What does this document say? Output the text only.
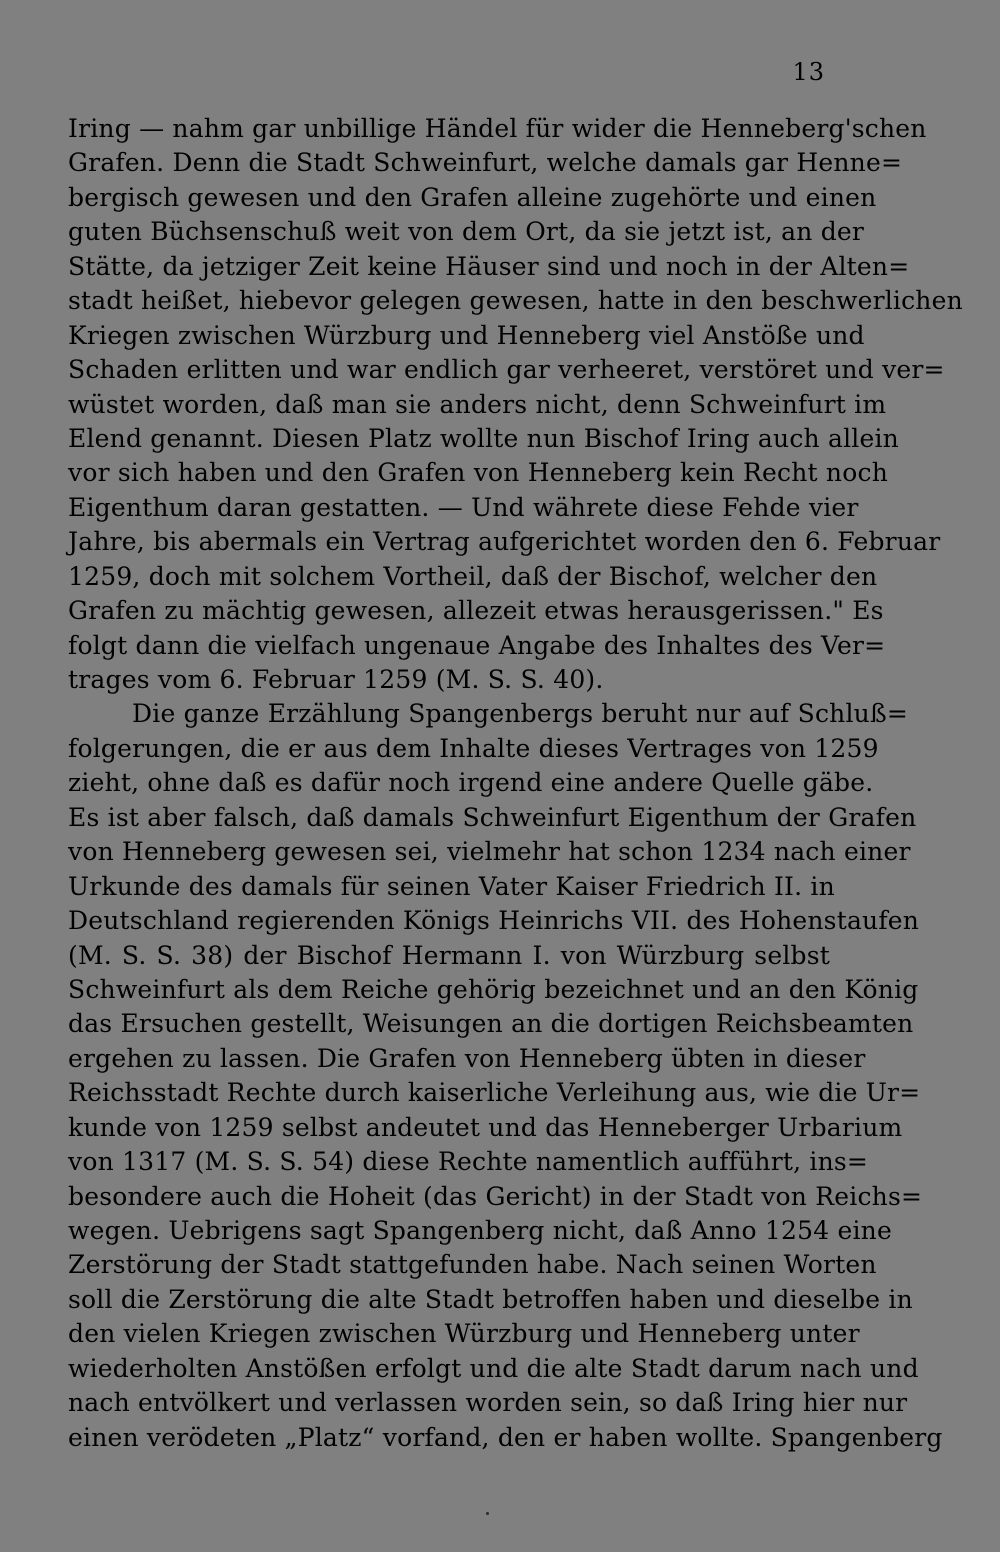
13
Iring — nahm gar unbillige Händel für wider die Henneberg'schen
Grafen. Denn die Stadt Schweinfurt, welche damals gar Henne=
bergisch gewesen und den Grafen alleine zugehörte und einen
guten Büchsenschuß weit von dem Ort, da sie jetzt ist, an der
Stätte, da jetziger Zeit keine Häuser sind und noch in der Alten=
stadt heißet, hiebevor gelegen gewesen, hatte in den beschwerlichen
Kriegen zwischen Würzburg und Henneberg viel Anstöße und
Schaden erlitten und war endlich gar verheeret, verstöret und ver=
wüstet worden, daß man sie anders nicht, denn Schweinfurt im
Elend genannt. Diesen Platz wollte nun Bischof Iring auch allein
vor sich haben und den Grafen von Henneberg kein Recht noch
Eigenthum daran gestatten. — Und währete diese Fehde vier
Jahre, bis abermals ein Vertrag aufgerichtet worden den 6. Februar
1259, doch mit solchem Vortheil, daß der Bischof, welcher den
Grafen zu mächtig gewesen, allezeit etwas herausgerissen." Es
folgt dann die vielfach ungenaue Angabe des Inhaltes des Ver=
trages vom 6. Februar 1259 (M. S. S. 40).
Die ganze Erzählung Spangenbergs beruht nur auf Schluß=
folgerungen, die er aus dem Inhalte dieses Vertrages von 1259
zieht, ohne daß es dafür noch irgend eine andere Quelle gäbe.
Es ist aber falsch, daß damals Schweinfurt Eigenthum der Grafen
von Henneberg gewesen sei, vielmehr hat schon 1234 nach einer
Urkunde des damals für seinen Vater Kaiser Friedrich II. in
Deutschland regierenden Königs Heinrichs VII. des Hohenstaufen
(M. S. S. 38) der Bischof Hermann I. von Würzburg selbst
Schweinfurt als dem Reiche gehörig bezeichnet und an den König
das Ersuchen gestellt, Weisungen an die dortigen Reichsbeamten
ergehen zu lassen. Die Grafen von Henneberg übten in dieser
Reichsstadt Rechte durch kaiserliche Verleihung aus, wie die Ur=
kunde von 1259 selbst andeutet und das Henneberger Urbarium
von 1317 (M. S. S. 54) diese Rechte namentlich aufführt, ins=
besondere auch die Hoheit (das Gericht) in der Stadt von Reichs=
wegen. Uebrigens sagt Spangenberg nicht, daß Anno 1254 eine
Zerstörung der Stadt stattgefunden habe. Nach seinen Worten
soll die Zerstörung die alte Stadt betroffen haben und dieselbe in
den vielen Kriegen zwischen Würzburg und Henneberg unter
wiederholten Anstößen erfolgt und die alte Stadt darum nach und
nach entvölkert und verlassen worden sein, so daß Iring hier nur
einen verödeten „Platz“ vorfand, den er haben wollte. Spangenberg
